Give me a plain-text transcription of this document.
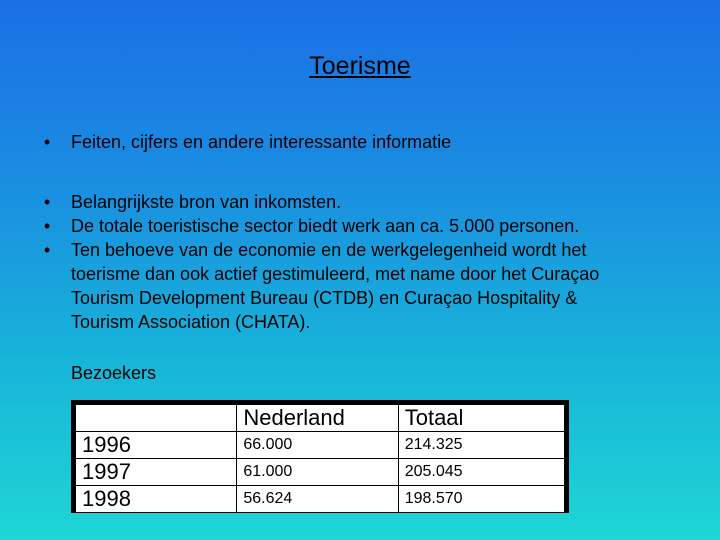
Toerisme
•	Feiten, cijfers en andere interessante informatie
•	Belangrijkste bron van inkomsten.
•	De totale toeristische sector biedt werk aan ca. 5.000 personen.
•	Ten behoeve van de economie en de werkgelegenheid wordt het
toerisme dan ook actief gestimuleerd, met name door het Curaçao
Tourism Development Bureau (CTDB) en Curaçao Hospitality &
Tourism Association (CHATA).
Bezoekers
	Nederland	Totaal
1996	66.000	214.325
1997	61.000	205.045
1998	56.624	198.570
